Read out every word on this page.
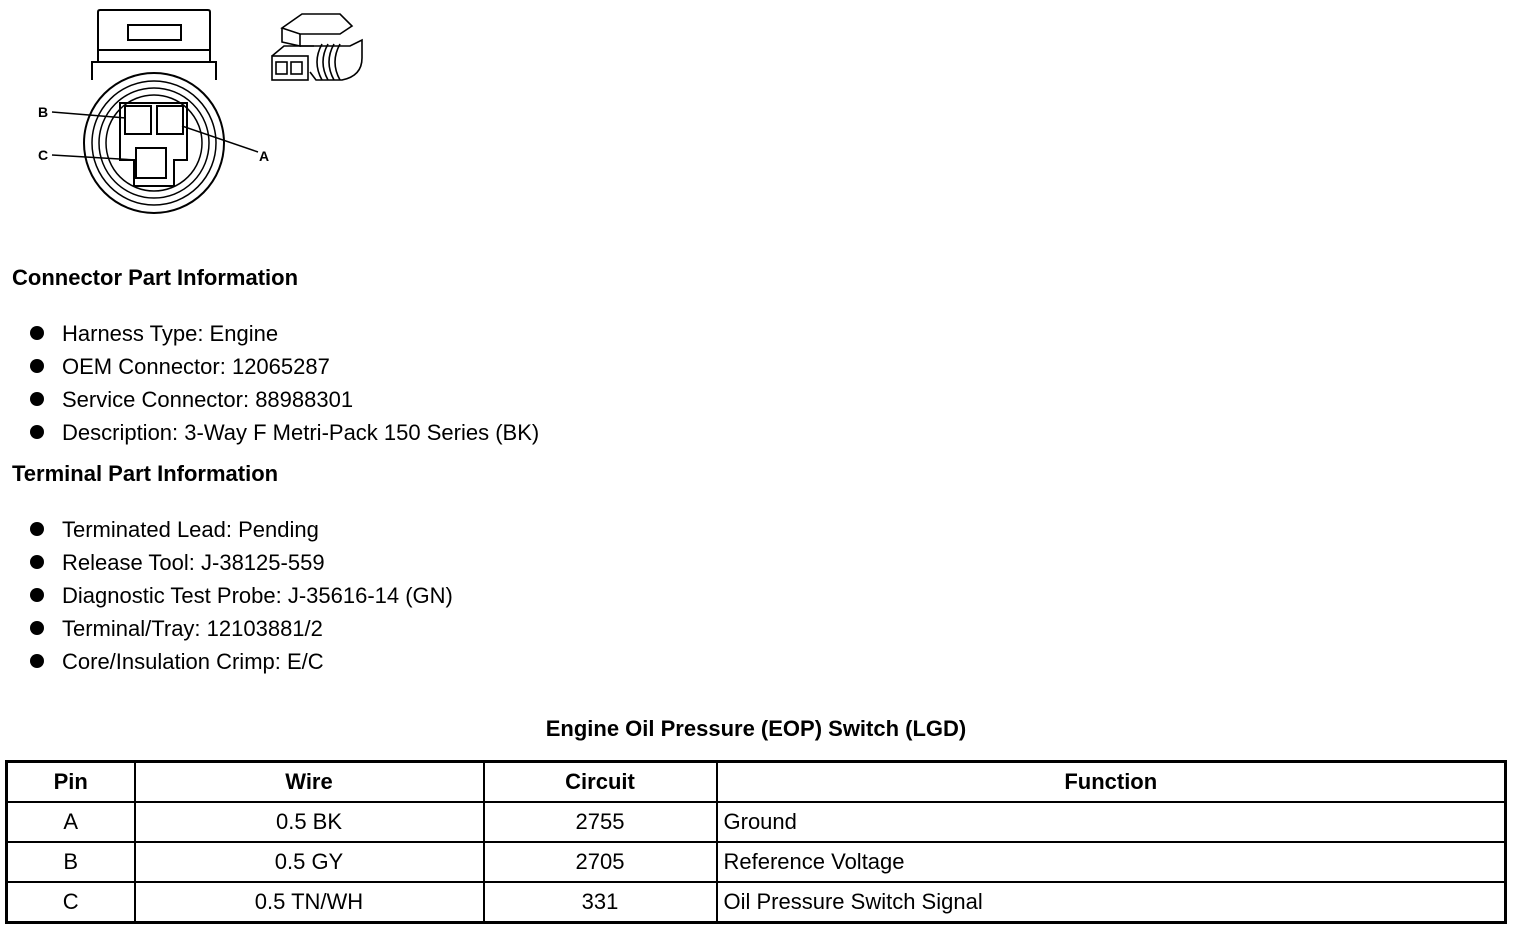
B
C	A
Connector Part Information
Harness Type: Engine
OEM Connector: 12065287
Service Connector: 88988301
Description: 3-Way F Metri-Pack 150 Series (BK)
Terminal Part Information
Terminated Lead: Pending
Release Tool: J-38125-559
Diagnostic Test Probe: J-35616-14 (GN)
Terminal/Tray: 12103881/2
Core/Insulation Crimp: E/C
Engine Oil Pressure (EOP) Switch (LGD)
Pin	Wire	Circuit	Function
A	0.5 BK	2755	Ground
B	0.5 GY	2705	Reference Voltage
C	0.5 TN/WH	331	Oil Pressure Switch Signal
